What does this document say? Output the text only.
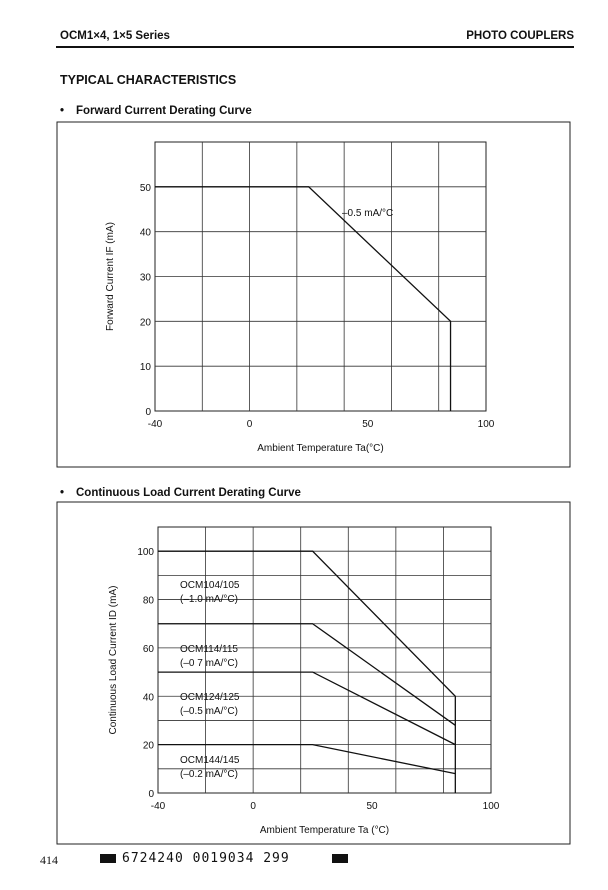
OCM1×4, 1×5 Series	PHOTO COUPLERS
TYPICAL CHARACTERISTICS
• Forward Current Derating Curve
• Continuous Load Current Derating Curve
-40	0	50	100
0
10
20
30
40
50
Ambient Temperature Ta(°C)
Forward Current IF (mA)
–0.5 mA/°C
-40	0	50	100
0
20
40
60
80
100
Ambient Temperature Ta (°C)
Continuous Load Current ID (mA)
OCM104/105
(–1.0 mA/°C)
OCM114/115
(–0 7 mA/°C)
OCM124/125
(–0.5 mA/°C)
OCM144/145
(–0.2 mA/°C)
414	6724240 0019034 299
